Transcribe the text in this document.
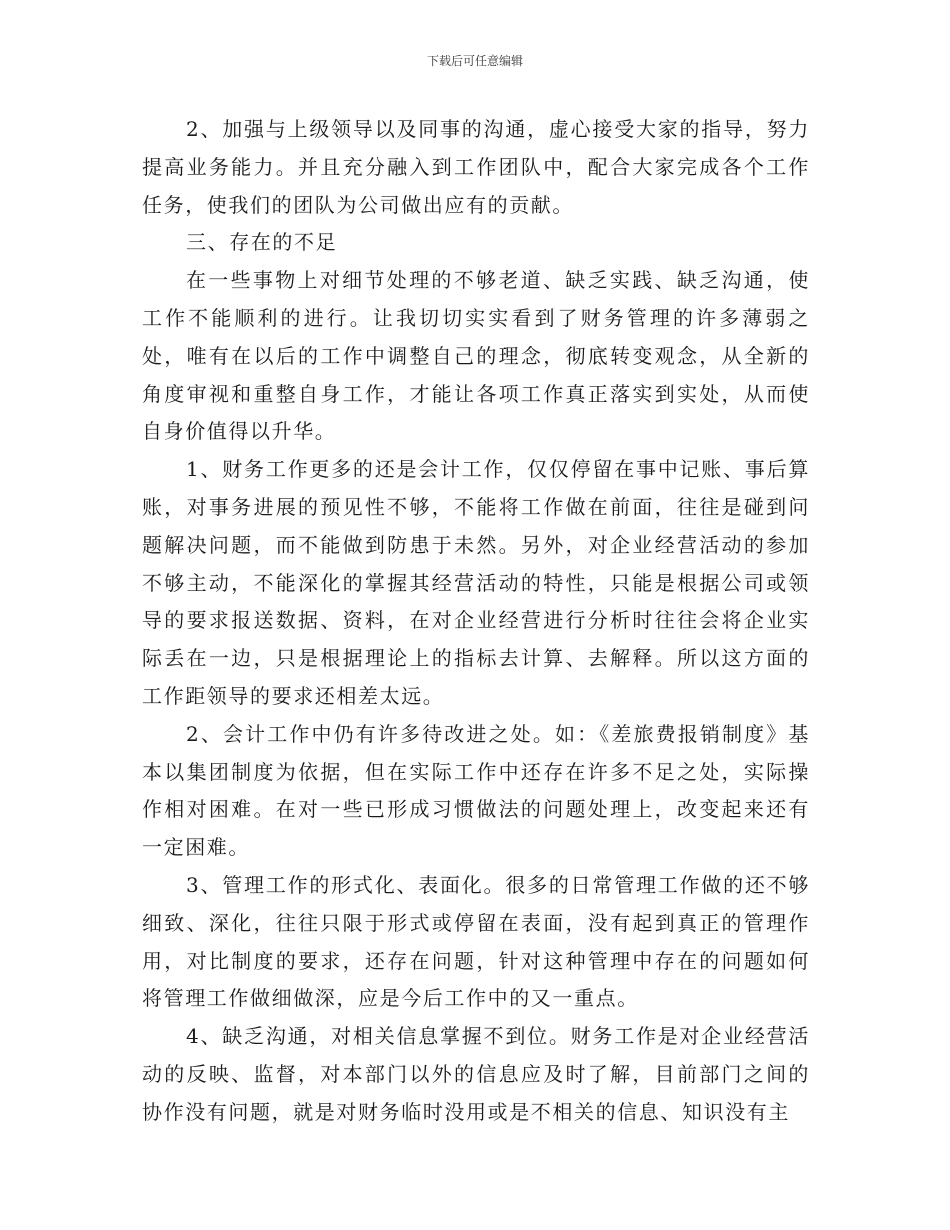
下载后可任意编辑

2、加强与上级领导以及同事的沟通，虚心接受大家的指导，努力提高业务能力。并且充分融入到工作团队中，配合大家完成各个工作任务，使我们的团队为公司做出应有的贡献。

三、存在的不足

在一些事物上对细节处理的不够老道、缺乏实践、缺乏沟通，使工作不能顺利的进行。让我切切实实看到了财务管理的许多薄弱之处，唯有在以后的工作中调整自己的理念，彻底转变观念，从全新的角度审视和重整自身工作，才能让各项工作真正落实到实处，从而使自身价值得以升华。

1、财务工作更多的还是会计工作，仅仅停留在事中记账、事后算账，对事务进展的预见性不够，不能将工作做在前面，往往是碰到问题解决问题，而不能做到防患于未然。另外，对企业经营活动的参加不够主动，不能深化的掌握其经营活动的特性，只能是根据公司或领导的要求报送数据、资料，在对企业经营进行分析时往往会将企业实际丢在一边，只是根据理论上的指标去计算、去解释。所以这方面的工作距领导的要求还相差太远。

2、会计工作中仍有许多待改进之处。如：《差旅费报销制度》基本以集团制度为依据，但在实际工作中还存在许多不足之处，实际操作相对困难。在对一些已形成习惯做法的问题处理上，改变起来还有一定困难。

3、管理工作的形式化、表面化。很多的日常管理工作做的还不够细致、深化，往往只限于形式或停留在表面，没有起到真正的管理作用，对比制度的要求，还存在问题，针对这种管理中存在的问题如何将管理工作做细做深，应是今后工作中的又一重点。

4、缺乏沟通，对相关信息掌握不到位。财务工作是对企业经营活动的反映、监督，对本部门以外的信息应及时了解，目前部门之间的协作没有问题，就是对财务临时没用或是不相关的信息、知识没有主
